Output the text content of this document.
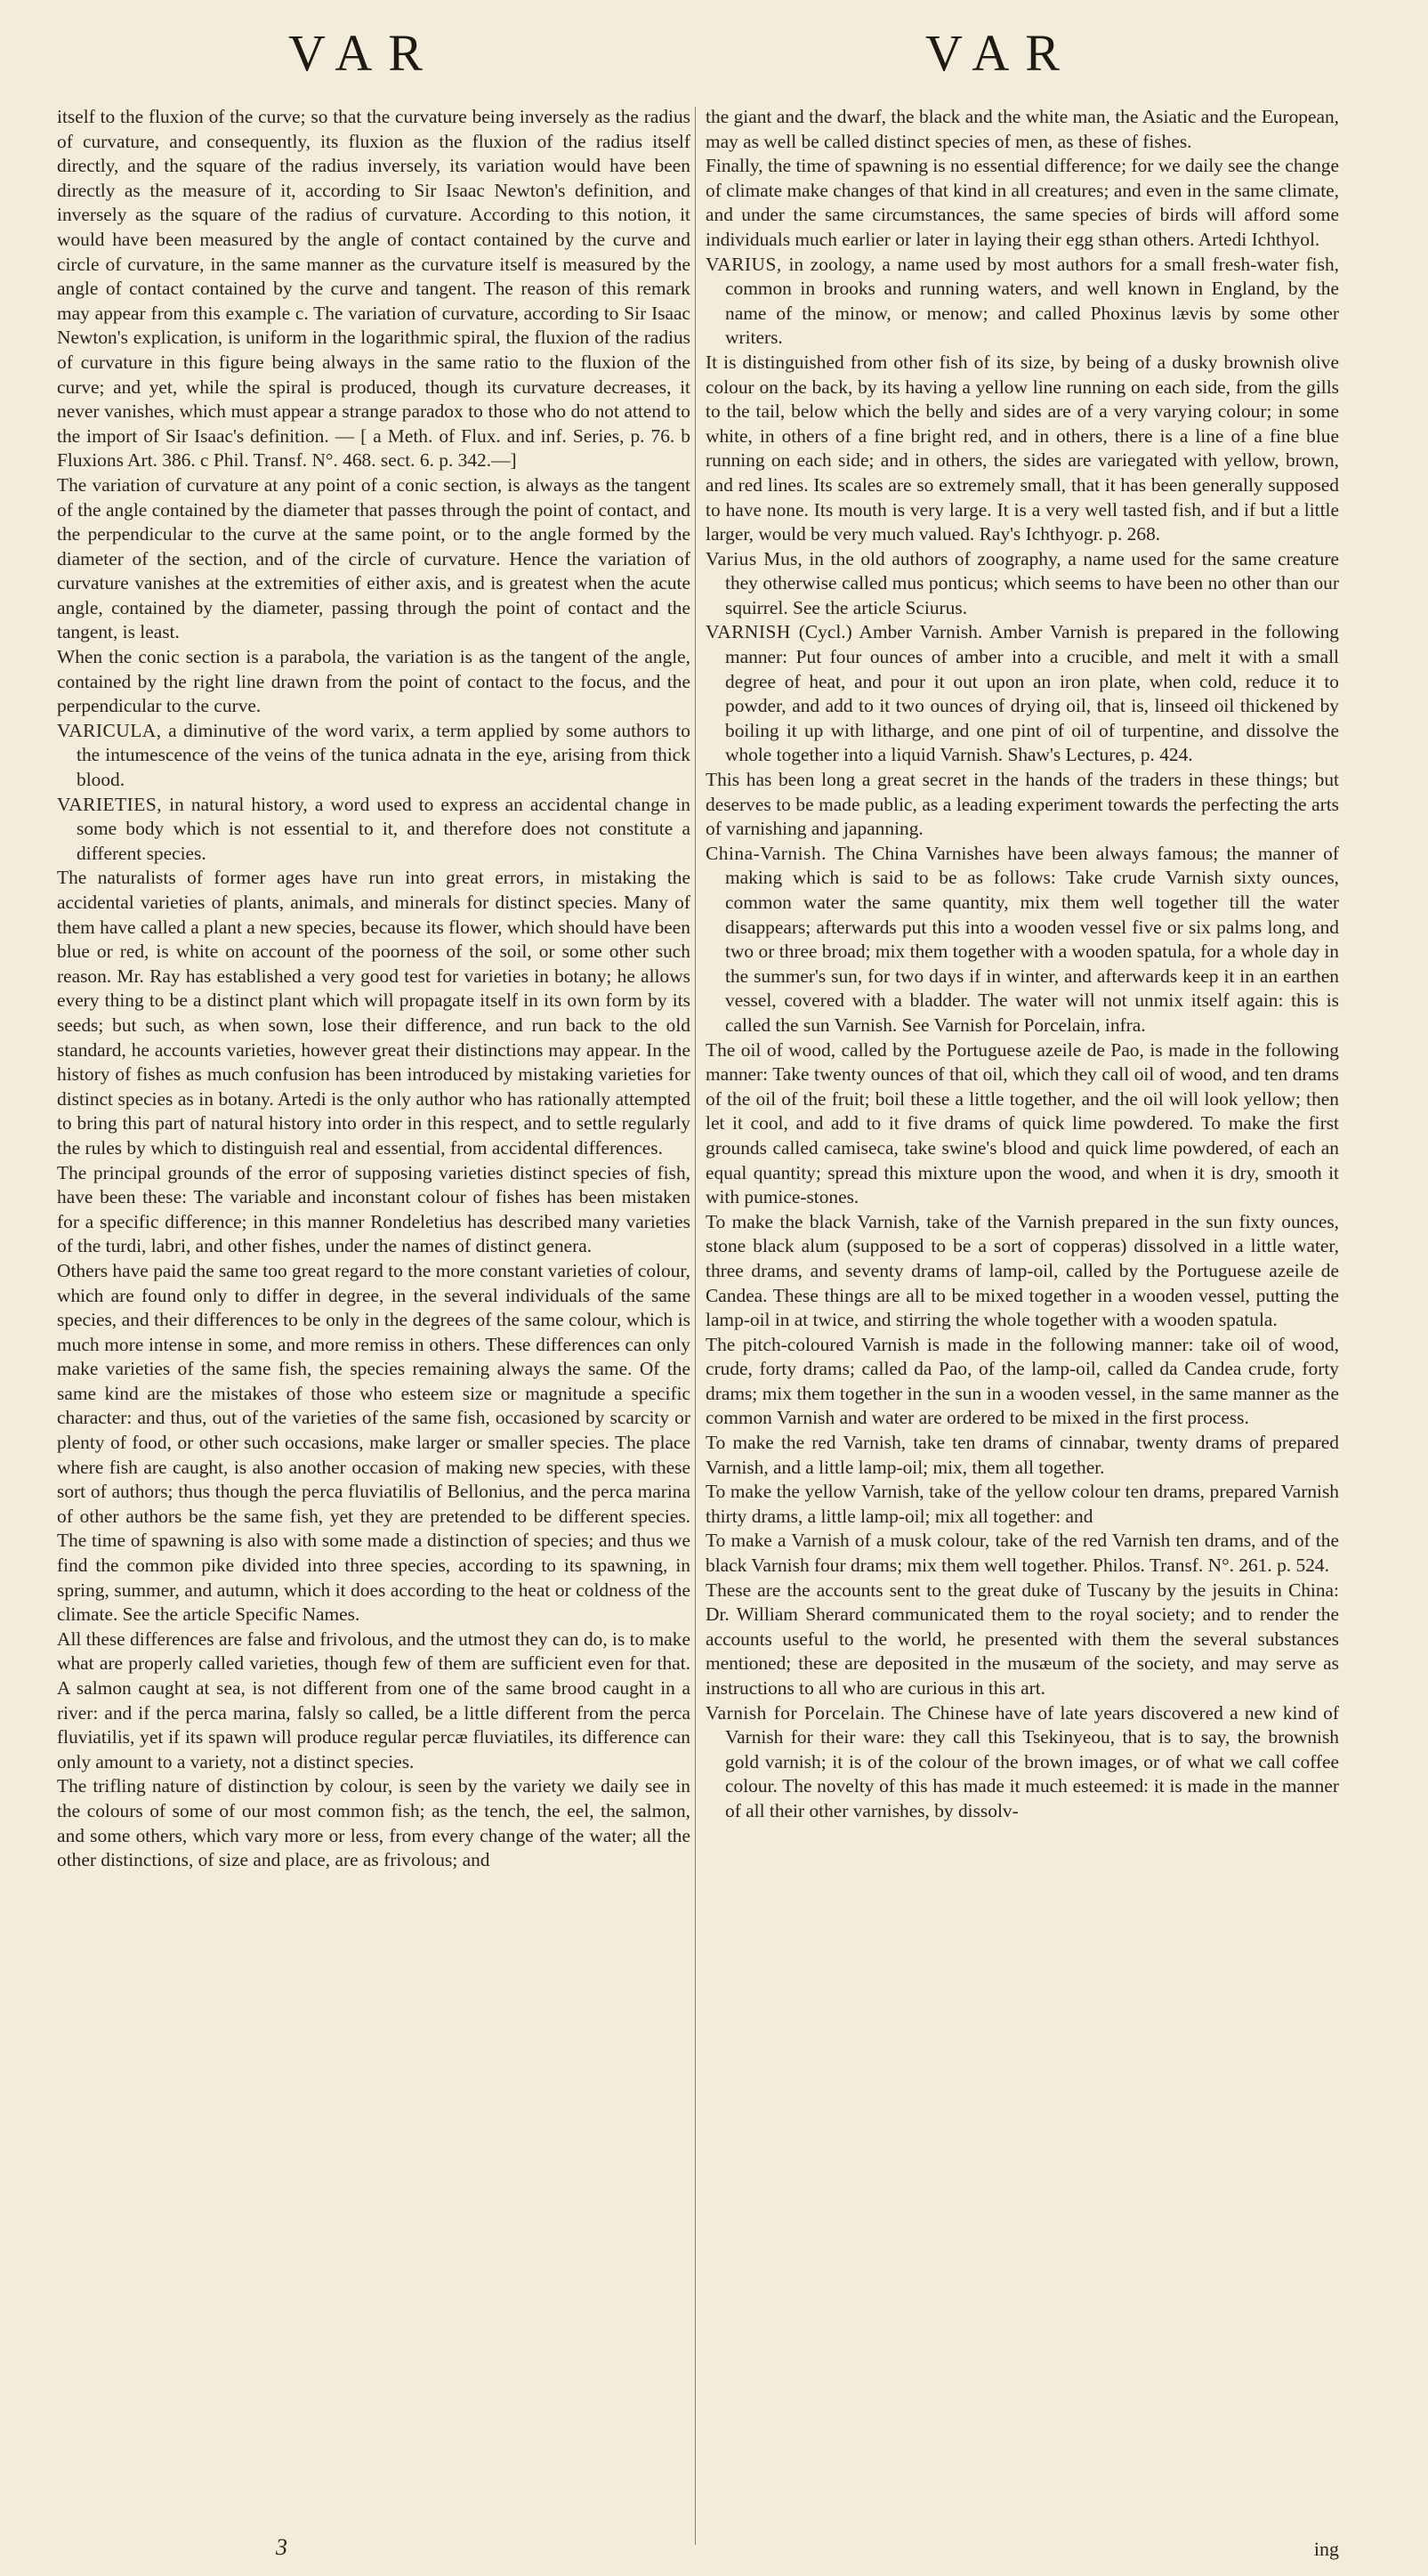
VAR	VAR

itself to the fluxion of the curve; so that the curvature being inversely as the radius of curvature, and consequently, its fluxion as the fluxion of the radius itself directly, and the square of the radius inversely, its variation would have been directly as the measure of it, according to Sir Isaac Newton's definition, and inversely as the square of the radius of curvature. According to this notion, it would have been measured by the angle of contact contained by the curve and circle of curvature, in the same manner as the curvature itself is measured by the angle of contact contained by the curve and tangent. The reason of this remark may appear from this example c. The variation of curvature, according to Sir Isaac Newton's explication, is uniform in the logarithmic spiral, the fluxion of the radius of curvature in this figure being always in the same ratio to the fluxion of the curve; and yet, while the spiral is produced, though its curvature decreases, it never vanishes, which must appear a strange paradox to those who do not attend to the import of Sir Isaac's definition. — [ a Meth. of Flux. and inf. Series, p. 76. b Fluxions Art. 386. c Phil. Transf. N°. 468. sect. 6. p. 342.—]

The variation of curvature at any point of a conic section, is always as the tangent of the angle contained by the diameter that passes through the point of contact, and the perpendicular to the curve at the same point, or to the angle formed by the diameter of the section, and of the circle of curvature. Hence the variation of curvature vanishes at the extremities of either axis, and is greatest when the acute angle, contained by the diameter, passing through the point of contact and the tangent, is least.

When the conic section is a parabola, the variation is as the tangent of the angle, contained by the right line drawn from the point of contact to the focus, and the perpendicular to the curve.

VARICULA, a diminutive of the word varix, a term applied by some authors to the intumescence of the veins of the tunica adnata in the eye, arising from thick blood.

VARIETIES, in natural history, a word used to express an accidental change in some body which is not essential to it, and therefore does not constitute a different species.

The naturalists of former ages have run into great errors, in mistaking the accidental varieties of plants, animals, and minerals for distinct species. Many of them have called a plant a new species, because its flower, which should have been blue or red, is white on account of the poorness of the soil, or some other such reason. Mr. Ray has established a very good test for varieties in botany; he allows every thing to be a distinct plant which will propagate itself in its own form by its seeds; but such, as when sown, lose their difference, and run back to the old standard, he accounts varieties, however great their distinctions may appear. In the history of fishes as much confusion has been introduced by mistaking varieties for distinct species as in botany. Artedi is the only author who has rationally attempted to bring this part of natural history into order in this respect, and to settle regularly the rules by which to distinguish real and essential, from accidental differences.

The principal grounds of the error of supposing varieties distinct species of fish, have been these: The variable and inconstant colour of fishes has been mistaken for a specific difference; in this manner Rondeletius has described many varieties of the turdi, labri, and other fishes, under the names of distinct genera.

Others have paid the same too great regard to the more constant varieties of colour, which are found only to differ in degree, in the several individuals of the same species, and their differences to be only in the degrees of the same colour, which is much more intense in some, and more remiss in others. These differences can only make varieties of the same fish, the species remaining always the same. Of the same kind are the mistakes of those who esteem size or magnitude a specific character: and thus, out of the varieties of the same fish, occasioned by scarcity or plenty of food, or other such occasions, make larger or smaller species. The place where fish are caught, is also another occasion of making new species, with these sort of authors; thus though the perca fluviatilis of Bellonius, and the perca marina of other authors be the same fish, yet they are pretended to be different species. The time of spawning is also with some made a distinction of species; and thus we find the common pike divided into three species, according to its spawning, in spring, summer, and autumn, which it does according to the heat or coldness of the climate. See the article Specific Names.

All these differences are false and frivolous, and the utmost they can do, is to make what are properly called varieties, though few of them are sufficient even for that. A salmon caught at sea, is not different from one of the same brood caught in a river: and if the perca marina, falsly so called, be a little different from the perca fluviatilis, yet if its spawn will produce regular percæ fluviatiles, its difference can only amount to a variety, not a distinct species.

The trifling nature of distinction by colour, is seen by the variety we daily see in the colours of some of our most common fish; as the tench, the eel, the salmon, and some others, which vary more or less, from every change of the water; all the other distinctions, of size and place, are as frivolous; and

the giant and the dwarf, the black and the white man, the Asiatic and the European, may as well be called distinct species of men, as these of fishes.

Finally, the time of spawning is no essential difference; for we daily see the change of climate make changes of that kind in all creatures; and even in the same climate, and under the same circumstances, the same species of birds will afford some individuals much earlier or later in laying their egg sthan others. Artedi Ichthyol.

VARIUS, in zoology, a name used by most authors for a small fresh-water fish, common in brooks and running waters, and well known in England, by the name of the minow, or menow; and called Phoxinus lævis by some other writers.

It is distinguished from other fish of its size, by being of a dusky brownish olive colour on the back, by its having a yellow line running on each side, from the gills to the tail, below which the belly and sides are of a very varying colour; in some white, in others of a fine bright red, and in others, there is a line of a fine blue running on each side; and in others, the sides are variegated with yellow, brown, and red lines. Its scales are so extremely small, that it has been generally supposed to have none. Its mouth is very large. It is a very well tasted fish, and if but a little larger, would be very much valued. Ray's Ichthyogr. p. 268.

Varius Mus, in the old authors of zoography, a name used for the same creature they otherwise called mus ponticus; which seems to have been no other than our squirrel. See the article Sciurus.

VARNISH (Cycl.) Amber Varnish. Amber Varnish is prepared in the following manner: Put four ounces of amber into a crucible, and melt it with a small degree of heat, and pour it out upon an iron plate, when cold, reduce it to powder, and add to it two ounces of drying oil, that is, linseed oil thickened by boiling it up with litharge, and one pint of oil of turpentine, and dissolve the whole together into a liquid Varnish. Shaw's Lectures, p. 424.

This has been long a great secret in the hands of the traders in these things; but deserves to be made public, as a leading experiment towards the perfecting the arts of varnishing and japanning.

China-Varnish. The China Varnishes have been always famous; the manner of making which is said to be as follows: Take crude Varnish sixty ounces, common water the same quantity, mix them well together till the water disappears; afterwards put this into a wooden vessel five or six palms long, and two or three broad; mix them together with a wooden spatula, for a whole day in the summer's sun, for two days if in winter, and afterwards keep it in an earthen vessel, covered with a bladder. The water will not unmix itself again: this is called the sun Varnish. See Varnish for Porcelain, infra.

The oil of wood, called by the Portuguese azeile de Pao, is made in the following manner: Take twenty ounces of that oil, which they call oil of wood, and ten drams of the oil of the fruit; boil these a little together, and the oil will look yellow; then let it cool, and add to it five drams of quick lime powdered. To make the first grounds called camiseca, take swine's blood and quick lime powdered, of each an equal quantity; spread this mixture upon the wood, and when it is dry, smooth it with pumice-stones.

To make the black Varnish, take of the Varnish prepared in the sun fixty ounces, stone black alum (supposed to be a sort of copperas) dissolved in a little water, three drams, and seventy drams of lamp-oil, called by the Portuguese azeile de Candea. These things are all to be mixed together in a wooden vessel, putting the lamp-oil in at twice, and stirring the whole together with a wooden spatula.

The pitch-coloured Varnish is made in the following manner: take oil of wood, crude, forty drams; called da Pao, of the lamp-oil, called da Candea crude, forty drams; mix them together in the sun in a wooden vessel, in the same manner as the common Varnish and water are ordered to be mixed in the first process.

To make the red Varnish, take ten drams of cinnabar, twenty drams of prepared Varnish, and a little lamp-oil; mix, them all together.

To make the yellow Varnish, take of the yellow colour ten drams, prepared Varnish thirty drams, a little lamp-oil; mix all together: and

To make a Varnish of a musk colour, take of the red Varnish ten drams, and of the black Varnish four drams; mix them well together. Philos. Transf. N°. 261. p. 524.

These are the accounts sent to the great duke of Tuscany by the jesuits in China: Dr. William Sherard communicated them to the royal society; and to render the accounts useful to the world, he presented with them the several substances mentioned; these are deposited in the musæum of the society, and may serve as instructions to all who are curious in this art.

Varnish for Porcelain. The Chinese have of late years discovered a new kind of Varnish for their ware: they call this Tsekinyeou, that is to say, the brownish gold varnish; it is of the colour of the brown images, or of what we call coffee colour. The novelty of this has made it much esteemed: it is made in the manner of all their other varnishes, by dissolv-

3	ing
